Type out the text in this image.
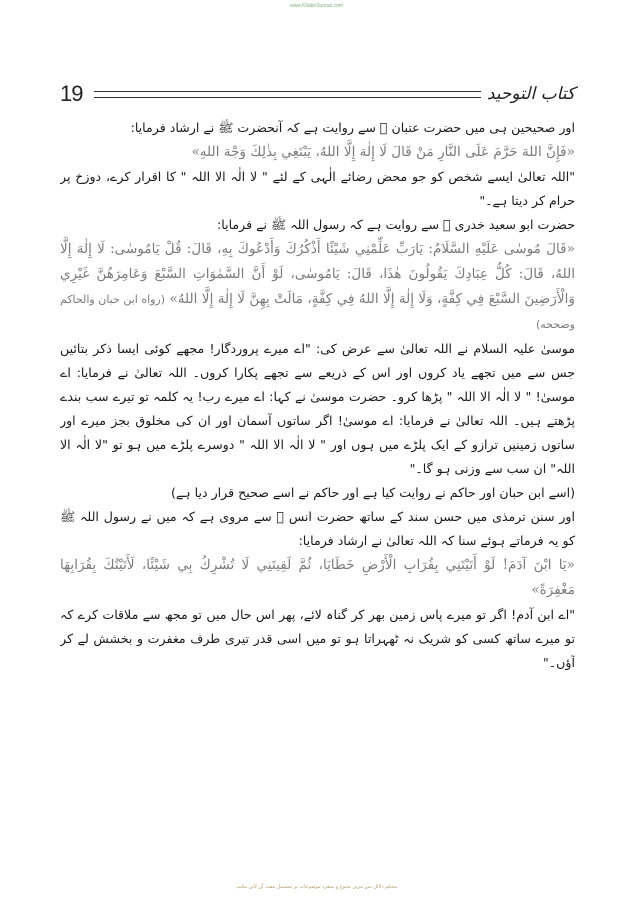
www.KitaboSunnat.com
19	کتاب التوحید

اور صحیحین ہی میں حضرت عتبان ﷜ سے روایت ہے کہ آنحضرت ﷺ نے ارشاد فرمایا:

«فَإِنَّ اللهَ حَرَّمَ عَلَى النَّارِ مَنْ قَالَ لَا إِلٰهَ إِلَّا اللهُ، يَبْتَغِي بِذٰلِكَ وَجْهَ اللهِ»

"اللہ تعالیٰ ایسے شخص کو جو محض رضائے الٰہی کے لئے " لا الٰہ الا اللہ " کا اقرار کرے، دوزخ پر حرام کر دیتا ہے۔"

حضرت ابو سعید خدری ﷜ سے روایت ہے کہ رسول اللہ ﷺ نے فرمایا:

«قَالَ مُوسٰى عَلَيْهِ السَّلَامُ: يَارَبِّ عَلِّمْنِي شَيْئًا أَذْكُرُكَ وَأَدْعُوكَ بِهِ، قَالَ: قُلْ يَامُوسٰى: لَا إِلٰهَ إِلَّا اللهُ، قَالَ: كُلُّ عِبَادِكَ يَقُولُونَ هٰذَا، قَالَ: يَامُوسٰى، لَوْ أَنَّ السَّمٰوَاتِ السَّبْعَ وَعَامِرَهُنَّ غَيْرِي وَالْأَرَضِينَ السَّبْعَ فِي كِفَّةٍ، وَلَا إِلٰهَ إِلَّا اللهُ فِي كِفَّةٍ، مَالَتْ بِهِنَّ لَا إِلٰهَ إِلَّا اللهُ» (رواه ابن حبان والحاكم وصححه)

موسیٰ علیہ السلام نے اللہ تعالیٰ سے عرض کی: "اے میرے پروردگار! مجھے کوئی ایسا ذکر بتائیں جس سے میں تجھے یاد کروں اور اس کے ذریعے سے تجھے پکارا کروں۔ اللہ تعالیٰ نے فرمایا: اے موسیٰ! " لا الٰہ الا اللہ " پڑھا کرو۔ حضرت موسیٰ نے کہا: اے میرے رب! یہ کلمہ تو تیرے سب بندے پڑھتے ہیں۔ اللہ تعالیٰ نے فرمایا: اے موسیٰ! اگر ساتوں آسمان اور ان کی مخلوق بجز میرے اور ساتوں زمینیں ترازو کے ایک پلڑے میں ہوں اور " لا الٰہ الا اللہ " دوسرے پلڑے میں ہو تو "لا الٰہ الا اللہ" ان سب سے وزنی ہو گا۔"

(اسے ابن حبان اور حاکم نے روایت کیا ہے اور حاکم نے اسے صحیح قرار دیا ہے)

اور سنن ترمذی میں حسن سند کے ساتھ حضرت انس ﷜ سے مروی ہے کہ میں نے رسول اللہ ﷺ کو یہ فرماتے ہوئے سنا کہ اللہ تعالیٰ نے ارشاد فرمایا:

«يَا ابْنَ آدَمَ! لَوْ أَتَيْتَنِي بِقُرَابِ الْأَرْضِ خَطَايَا، ثُمَّ لَقِيتَنِي لَا تُشْرِكُ بِي شَيْئًا، لَأَتَيْتُكَ بِقُرَابِهَا مَغْفِرَةً»

"اے ابن آدم! اگر تو میرے پاس زمین بھر کر گناہ لائے، پھر اس حال میں تو مجھ سے ملاقات کرے کہ تو میرے ساتھ کسی کو شریک نہ ٹھہراتا ہو تو میں اسی قدر تیری طرف مغفرت و بخشش لے کر آؤں۔"

محکم دلائل سے مزین متنوع و منفرد موضوعات پر مشتمل مفت آن لائن مکتبہ
